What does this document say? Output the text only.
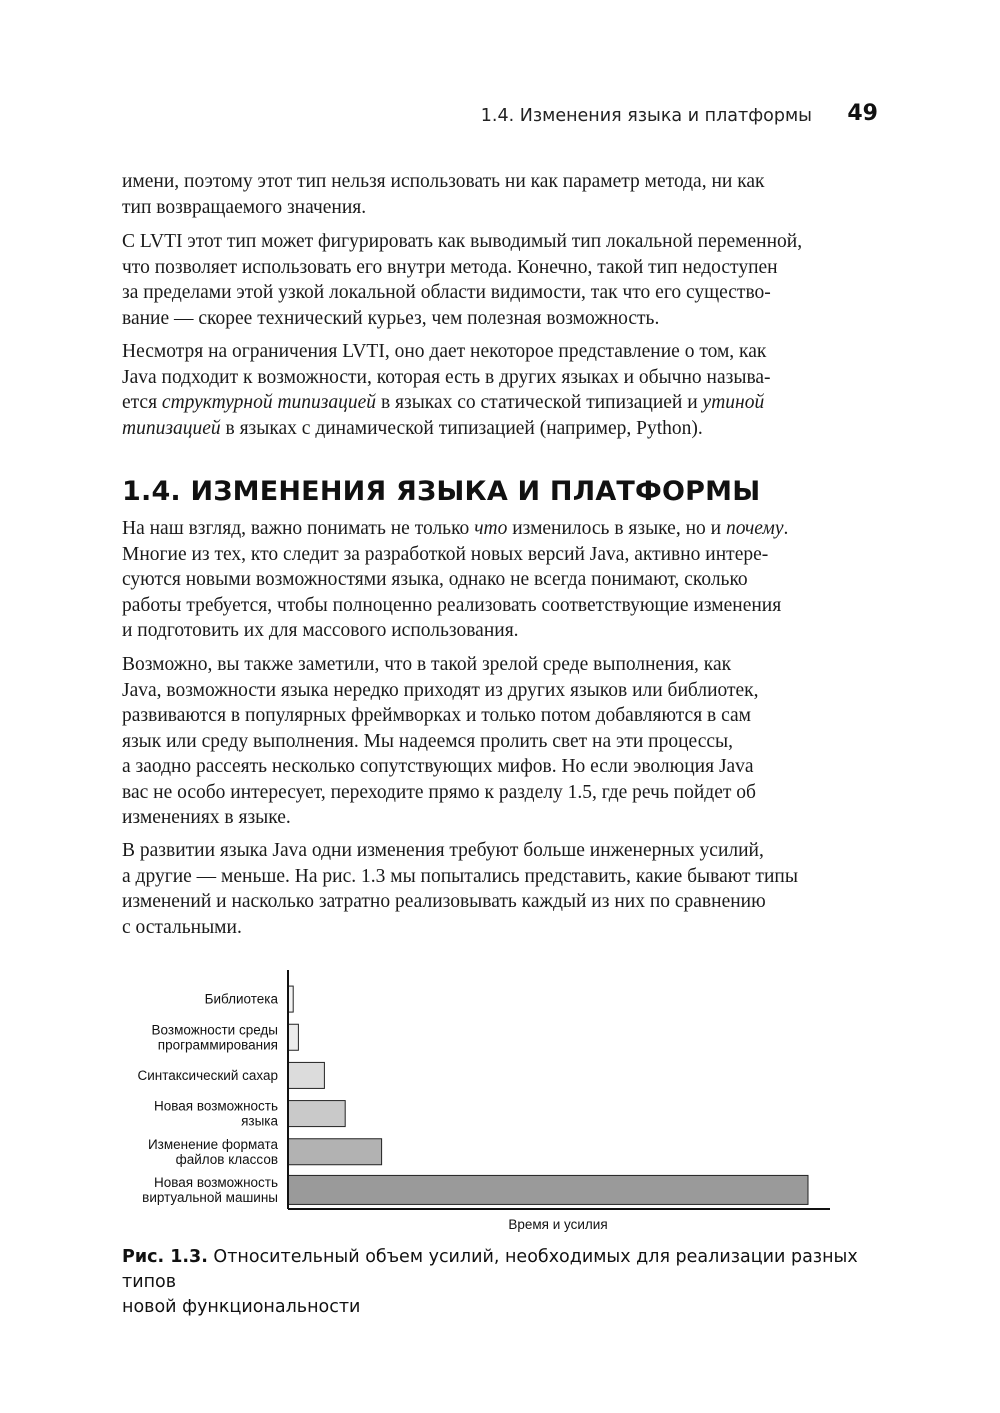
1.4. Изменения языка и платформы 49

имени, поэтому этот тип нельзя использовать ни как параметр метода, ни как
тип возвращаемого значения.

С LVTI этот тип может фигурировать как выводимый тип локальной переменной,
что позволяет использовать его внутри метода. Конечно, такой тип недоступен
за пределами этой узкой локальной области видимости, так что его существо-
вание — скорее технический курьез, чем полезная возможность.

Несмотря на ограничения LVTI, оно дает некоторое представление о том, как
Java подходит к возможности, которая есть в других языках и обычно называ-
ется структурной типизацией в языках со статической типизацией и утиной
типизацией в языках с динамической типизацией (например, Python).

1.4. ИЗМЕНЕНИЯ ЯЗЫКА И ПЛАТФОРМЫ

На наш взгляд, важно понимать не только что изменилось в языке, но и почему.
Многие из тех, кто следит за разработкой новых версий Java, активно интере-
суются новыми возможностями языка, однако не всегда понимают, сколько
работы требуется, чтобы полноценно реализовать соответствующие изменения
и подготовить их для массового использования.

Возможно, вы также заметили, что в такой зрелой среде выполнения, как
Java, возможности языка нередко приходят из других языков или библиотек,
развиваются в популярных фреймворках и только потом добавляются в сам
язык или среду выполнения. Мы надеемся пролить свет на эти процессы,
а заодно рассеять несколько сопутствующих мифов. Но если эволюция Java
вас не особо интересует, переходите прямо к разделу 1.5, где речь пойдет об
изменениях в языке.

В развитии языка Java одни изменения требуют больше инженерных усилий,
а другие — меньше. На рис. 1.3 мы попытались представить, какие бывают типы
изменений и насколько затратно реализовывать каждый из них по сравнению
с остальными.

Библиотека
Возможности среды программирования
Синтаксический сахар
Новая возможность языка
Изменение формата файлов классов
Новая возможность виртуальной машины
Время и усилия

Рис. 1.3. Относительный объем усилий, необходимых для реализации разных типов
новой функциональности
